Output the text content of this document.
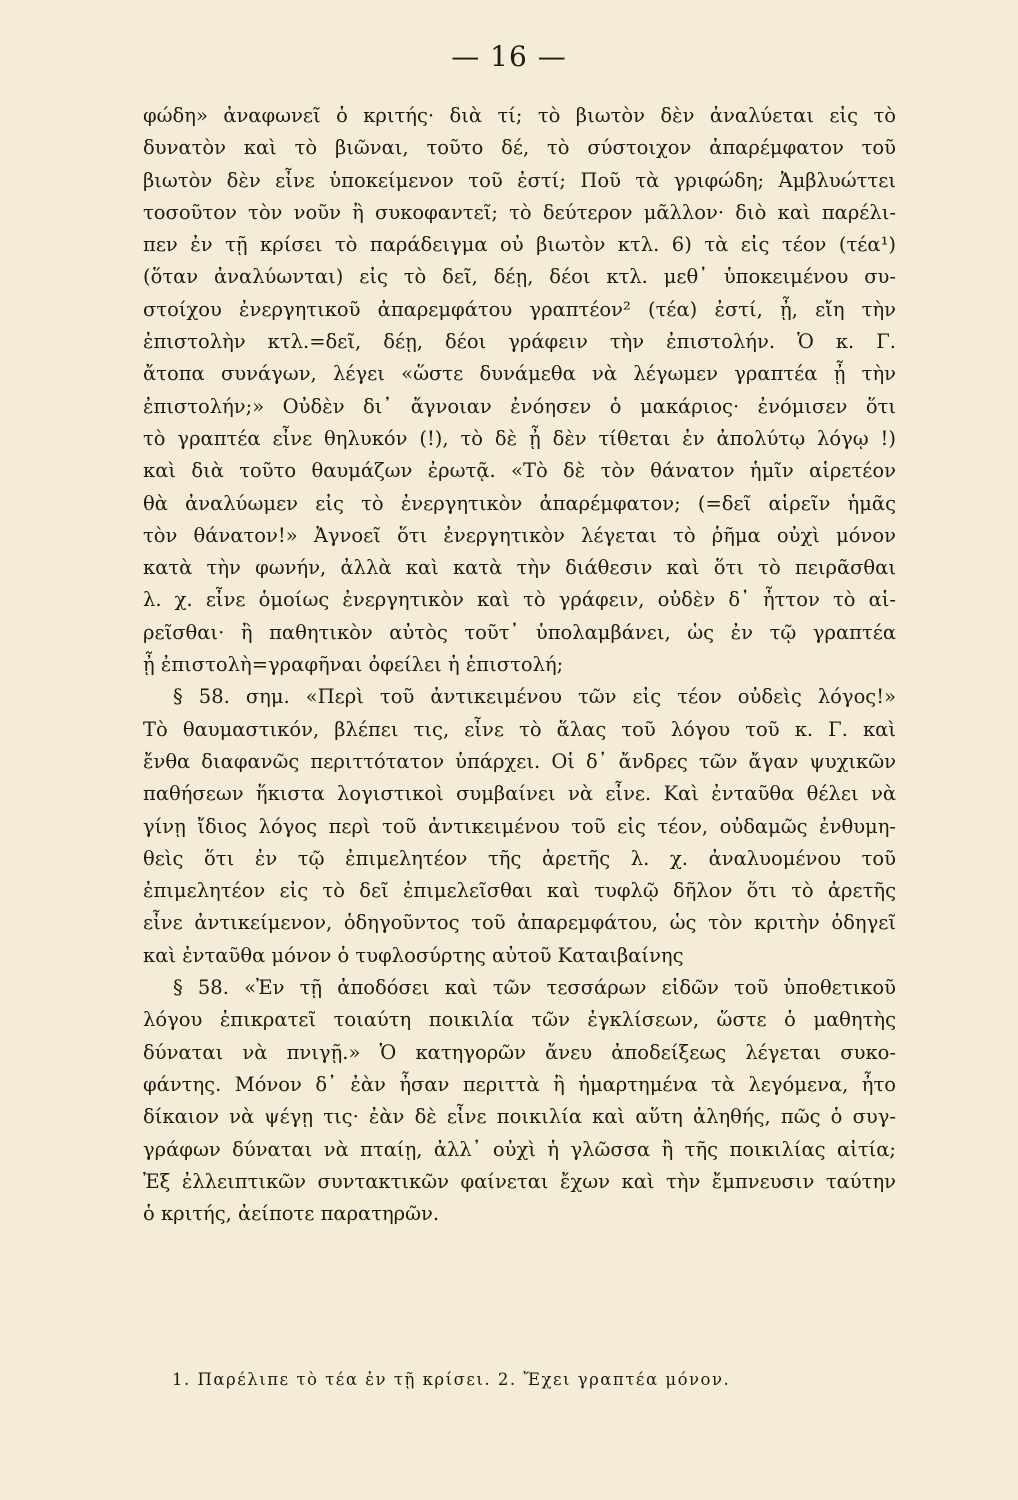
— 16 —
φώδη» ἀναφωνεῖ ὁ κριτής· διὰ τί; τὸ βιωτὸν δὲν ἀναλύεται εἰς τὸ
δυνατὸν καὶ τὸ βιῶναι, τοῦτο δέ, τὸ σύστοιχον ἀπαρέμφατον τοῦ
βιωτὸν δὲν εἶνε ὑποκείμενον τοῦ ἐστί; Ποῦ τὰ γριφώδη; Ἀμβλυώττει
τοσοῦτον τὸν νοῦν ἢ συκοφαντεῖ; τὸ δεύτερον μᾶλλον· διὸ καὶ παρέλι-
πεν ἐν τῇ κρίσει τὸ παράδειγμα οὐ βιωτὸν κτλ. 6) τὰ εἰς τέον (τέα¹)
(ὅταν ἀναλύωνται) εἰς τὸ δεῖ, δέῃ, δέοι κτλ. μεθ᾽ ὑποκειμένου συ-
στοίχου ἐνεργητικοῦ ἀπαρεμφάτου γραπτέον² (τέα) ἐστί, ᾖ, εἴη τὴν
ἐπιστολὴν κτλ.=δεῖ, δέῃ, δέοι γράφειν τὴν ἐπιστολήν. Ὁ κ. Γ.
ἄτοπα συνάγων, λέγει «ὥστε δυνάμεθα νὰ λέγωμεν γραπτέα ᾖ τὴν
ἐπιστολήν;» Οὐδὲν δι᾽ ἄγνοιαν ἐνόησεν ὁ μακάριος· ἐνόμισεν ὅτι
τὸ γραπτέα εἶνε θηλυκόν (!), τὸ δὲ ᾖ δὲν τίθεται ἐν ἀπολύτῳ λόγῳ !)
καὶ διὰ τοῦτο θαυμάζων ἐρωτᾷ. «Τὸ δὲ τὸν θάνατον ἡμῖν αἱρετέον
θὰ ἀναλύωμεν εἰς τὸ ἐνεργητικὸν ἀπαρέμφατον; (=δεῖ αἱρεῖν ἡμᾶς
τὸν θάνατον!» Ἀγνοεῖ ὅτι ἐνεργητικὸν λέγεται τὸ ῥῆμα οὐχὶ μόνον
κατὰ τὴν φωνήν, ἀλλὰ καὶ κατὰ τὴν διάθεσιν καὶ ὅτι τὸ πειρᾶσθαι
λ. χ. εἶνε ὁμοίως ἐνεργητικὸν καὶ τὸ γράφειν, οὐδὲν δ᾽ ἧττον τὸ αἱ-
ρεῖσθαι· ἢ παθητικὸν αὐτὸς τοῦτ᾽ ὑπολαμβάνει, ὡς ἐν τῷ γραπτέα
ᾖ ἐπιστολὴ=γραφῆναι ὀφείλει ἡ ἐπιστολή;
§ 58. σημ. «Περὶ τοῦ ἀντικειμένου τῶν εἰς τέον οὐδεὶς λόγος!»
Τὸ θαυμαστικόν, βλέπει τις, εἶνε τὸ ἅλας τοῦ λόγου τοῦ κ. Γ. καὶ
ἔνθα διαφανῶς περιττότατον ὑπάρχει. Οἱ δ᾽ ἄνδρες τῶν ἄγαν ψυχικῶν
παθήσεων ἥκιστα λογιστικοὶ συμβαίνει νὰ εἶνε. Καὶ ἐνταῦθα θέλει νὰ
γίνῃ ἴδιος λόγος περὶ τοῦ ἀντικειμένου τοῦ εἰς τέον, οὐδαμῶς ἐνθυμη-
θεὶς ὅτι ἐν τῷ ἐπιμελητέον τῆς ἀρετῆς λ. χ. ἀναλυομένου τοῦ
ἐπιμελητέον εἰς τὸ δεῖ ἐπιμελεῖσθαι καὶ τυφλῷ δῆλον ὅτι τὸ ἀρετῆς
εἶνε ἀντικείμενον, ὁδηγοῦντος τοῦ ἀπαρεμφάτου, ὡς τὸν κριτὴν ὁδηγεῖ
καὶ ἐνταῦθα μόνον ὁ τυφλοσύρτης αὐτοῦ Καταιβαίνης
§ 58. «Ἐν τῇ ἀποδόσει καὶ τῶν τεσσάρων εἰδῶν τοῦ ὑποθετικοῦ
λόγου ἐπικρατεῖ τοιαύτη ποικιλία τῶν ἐγκλίσεων, ὥστε ὁ μαθητὴς
δύναται νὰ πνιγῇ.» Ὁ κατηγορῶν ἄνευ ἀποδείξεως λέγεται συκο-
φάντης. Μόνον δ᾽ ἐὰν ἦσαν περιττὰ ἢ ἡμαρτημένα τὰ λεγόμενα, ἦτο
δίκαιον νὰ ψέγῃ τις· ἐὰν δὲ εἶνε ποικιλία καὶ αὕτη ἀληθής, πῶς ὁ συγ-
γράφων δύναται νὰ πταίῃ, ἀλλ᾽ οὐχὶ ἡ γλῶσσα ἢ τῆς ποικιλίας αἰτία;
Ἐξ ἐλλειπτικῶν συντακτικῶν φαίνεται ἔχων καὶ τὴν ἔμπνευσιν ταύτην
ὁ κριτής, ἀείποτε παρατηρῶν.
1. Παρέλιπε τὸ τέα ἐν τῇ κρίσει. 2. Ἔχει γραπτέα μόνον.
